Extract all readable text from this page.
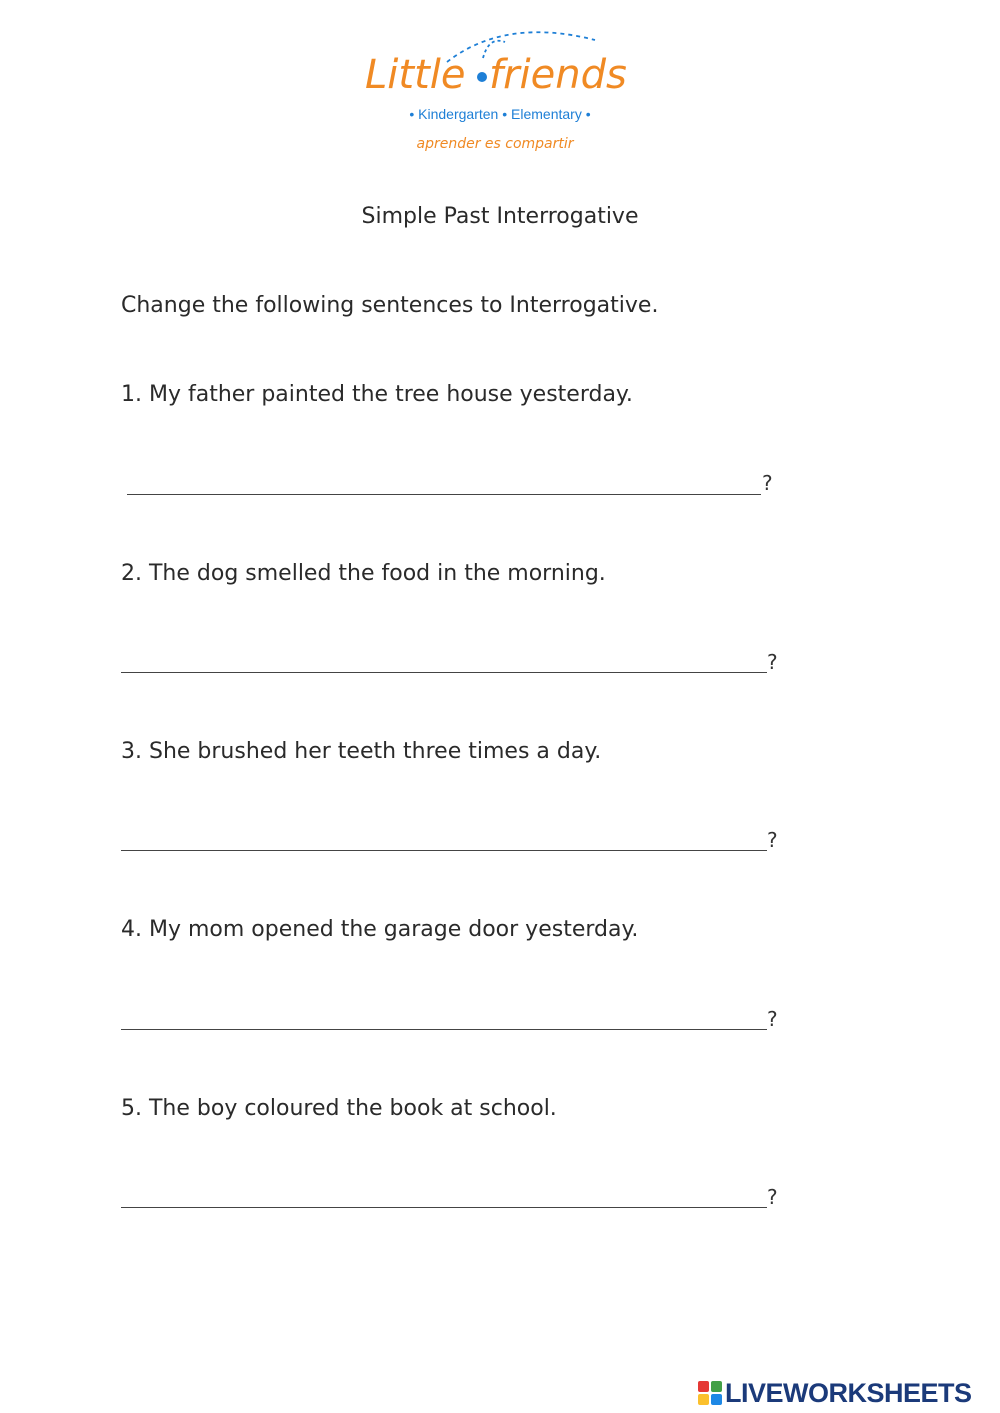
Little friends
• Kindergarten • Elementary •
aprender es compartir
Simple Past Interrogative
Change the following sentences to Interrogative.
1. My father painted the tree house yesterday.
?
2. The dog smelled the food in the morning.
?
3. She brushed her teeth three times a day.
?
4. My mom opened the garage door yesterday.
?
5. The boy coloured the book at school.
?
LIVEWORKSHEETS
